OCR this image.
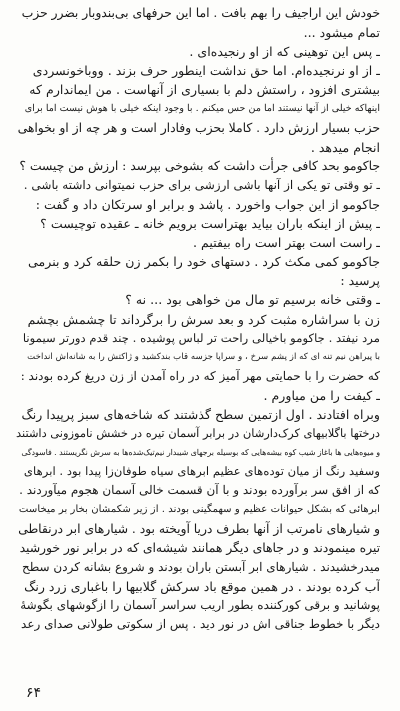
خودش این اراجیف را بهم بافت . اما این حرفهای بی‌بندوبار بضرر حزب
تمام میشود ...
ـ پس این توهینی که از او رنجیده‌ای .
ـ از او نرنجیده‌ام. اما حق نداشت اینطور حرف بزند . ووباخونسردی
بیشتری افزود ، راستش دلم با بسیاری از آنهاست . من ایماندارم که
اینهاکه خیلی از آنها نیستند اما من حس میکنم . با وجود اینکه خیلی با هوش نیست اما برای
حزب بسیار ارزش دارد . کاملا بحزب وفادار است و هر چه از او بخواهی
انجام میدهد .
جاکومو بحد کافی جرأت داشت که بشوخی بپرسد : ارزش من چیست ؟
ـ تو وقتی تو یکی از آنها باشی ارزشی برای حزب نمیتوانی داشته باشی .
جاکومو از این جواب واخورد . پاشد و برابر او سرتکان داد و گفت :
ـ پیش از اینکه باران بیاید بهتراست برویم خانه ـ عقیده توچیست ؟
ـ راست است بهتر است راه بیفتیم .
جاکومو کمی مکث کرد . دستهای خود را بکمر زن حلقه کرد و بنرمی
پرسید :
ـ وقتی خانه برسیم تو مال من خواهی بود ... نه ؟
زن با سراشاره مثبت کرد و بعد سرش را برگرداند تا چشمش بچشم
مرد نیفتد . جاکومو باخیالی راحت تر لباس پوشیده . چند قدم دورتر سیمونا
با پیراهن نیم تنه ای که از پشم سرخ ، و سراپا جزسه قاب بندکشید و ژاکتش را به شانه‌اش انداخت
که حضرت را با حمایتی مهر آمیز که در راه آمدن از زن دریغ کرده بودند :
ـ کیفت را من میاورم .
وبراه افتادند . اول ازتمین سطح گذشتند که شاخه‌های سبز پرپیدا رنگ
درختها باگلابیهای کرک‌دارشان در برابر آسمان تیره در خشش ناموزونی داشتند
و میوه‌هایی ها باغاز شیب کوه بیشه‌هایی که بوسیله برجهای شیبدار نیم‌تیک‌شده‌ها به سرش نگریستند . فاسودگی
وسفید رنگ از میان توده‌های عظیم ابرهای سیاه طوفان‌زا پیدا بود . ابرهای
که از افق سر برآورده بودند و با آن قسمت خالی آسمان هجوم میآوردند .
ابرهائی که بشکل حیوانات عظیم و سهمگینی بودند . از زیر شکمشان بخار بر میخاست
و شیارهای نامرتب از آنها بطرف دریا آویخته بود . شیارهای ابر درنقاطی
تیره مینمودند و در جاهای دیگر همانند شیشه‌ای که در برابر نور خورشید
میدرخشیدند . شیارهای ابر آبستن باران بودند و شروع بشانه کردن سطح
آب کرده بودند . در همین موقع باد سرکش گلابیها را باغبارى زرد رنگ
پوشانید و برقى کورکننده بطور اریب سراسر آسمان را ازگوشهاى بگوشهٔ
دیگر با خطوط جناقى اش در نور دید . پس از سکوتى طولانى صداى رعد
۶۴
